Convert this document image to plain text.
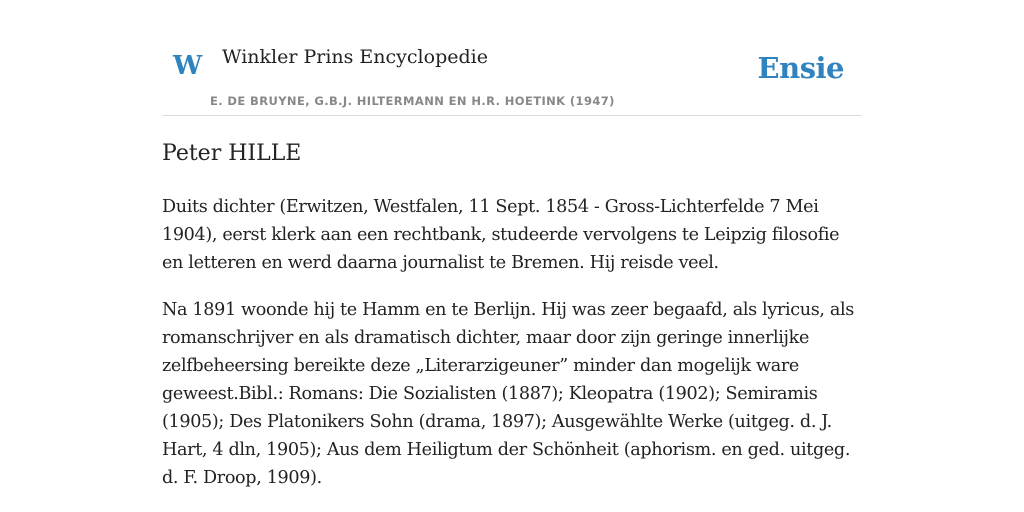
W Winkler Prins Encyclopedie
E. DE BRUYNE, G.B.J. HILTERMANN EN H.R. HOETINK (1947)
Ensie
Peter HILLE

Duits dichter (Erwitzen, Westfalen, 11 Sept. 1854 - Gross-Lichterfelde 7 Mei 1904), eerst klerk aan een rechtbank, studeerde vervolgens te Leipzig filosofie en letteren en werd daarna journalist te Bremen. Hij reisde veel.

Na 1891 woonde hij te Hamm en te Berlijn. Hij was zeer begaafd, als lyricus, als romanschrijver en als dramatisch dichter, maar door zijn geringe innerlijke zelfbeheersing bereikte deze „Literarzigeuner” minder dan mogelijk ware geweest.Bibl.: Romans: Die Sozialisten (1887); Kleopatra (1902); Semiramis (1905); Des Platonikers Sohn (drama, 1897); Ausgewählte Werke (uitgeg. d. J. Hart, 4 dln, 1905); Aus dem Heiligtum der Schönheit (aphorism. en ged. uitgeg. d. F. Droop, 1909).
